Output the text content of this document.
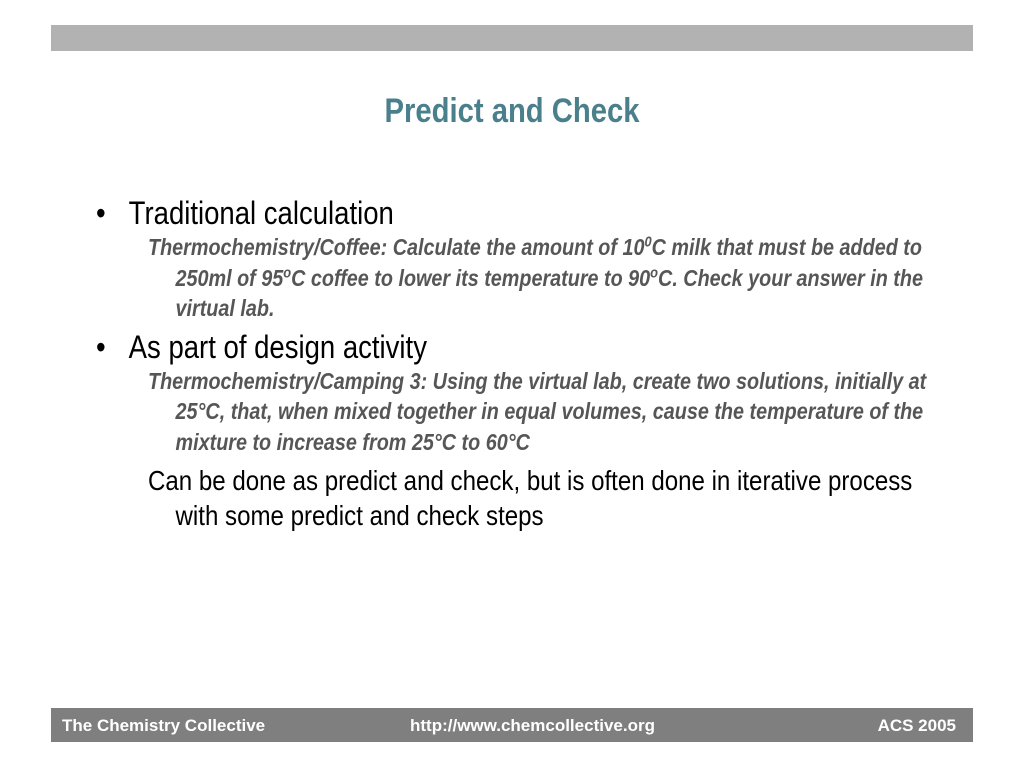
Predict and Check
• Traditional calculation
Thermochemistry/Coffee: Calculate the amount of $10^0C$ milk that must be added to 250ml of 95$^o$C coffee to lower its temperature to 90$^o$C. Check your answer in the virtual lab.
• As part of design activity
Thermochemistry/Camping 3: Using the virtual lab, create two solutions, initially at 25°C, that, when mixed together in equal volumes, cause the temperature of the mixture to increase from 25°C to 60°C
Can be done as predict and check, but is often done in iterative process with some predict and check steps
The Chemistry Collective	http://www.chemcollective.org	ACS 2005
